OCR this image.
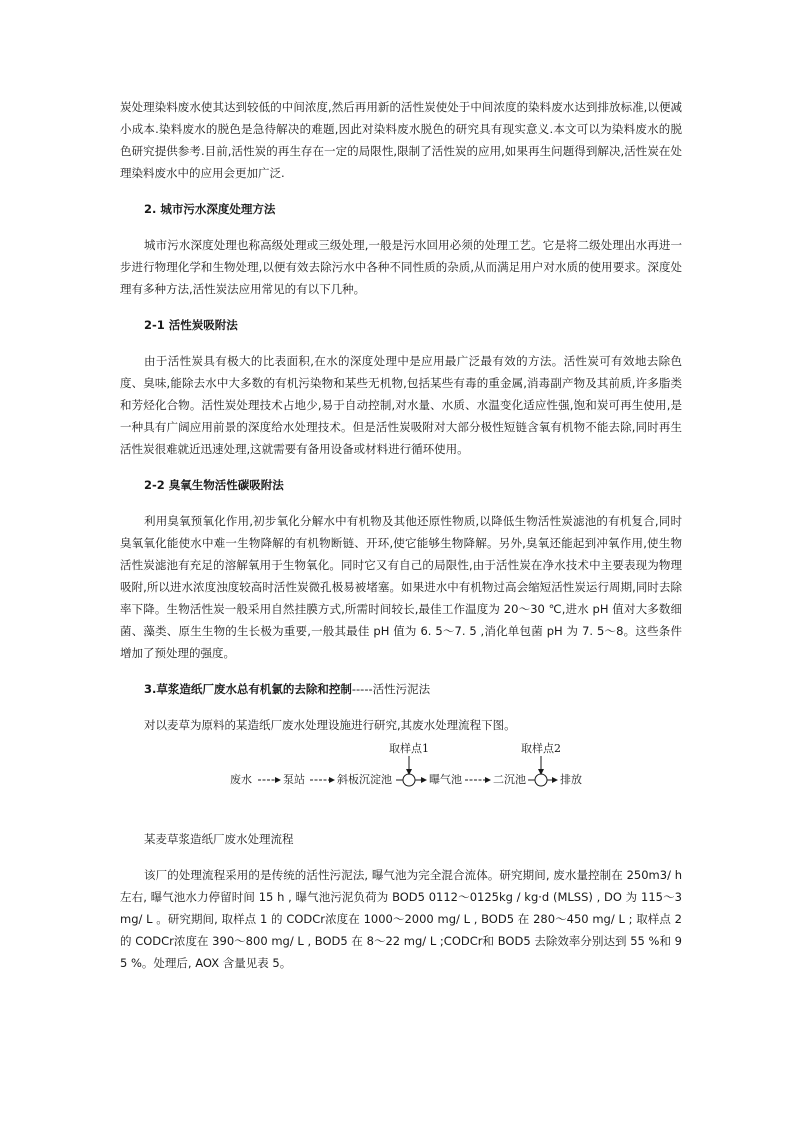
炭处理染料废水使其达到较低的中间浓度,然后再用新的活性炭使处于中间浓度的染料废水达到排放标准,以便减小成本.染料废水的脱色是急待解决的难题,因此对染料废水脱色的研究具有现实意义.本文可以为染料废水的脱色研究提供参考.目前,活性炭的再生存在一定的局限性,限制了活性炭的应用,如果再生问题得到解决,活性炭在处理染料废水中的应用会更加广泛.

2. 城市污水深度处理方法

城市污水深度处理也称高级处理或三级处理,一般是污水回用必须的处理工艺。它是将二级处理出水再进一步进行物理化学和生物处理,以便有效去除污水中各种不同性质的杂质,从而满足用户对水质的使用要求。深度处理有多种方法,活性炭法应用常见的有以下几种。

2-1 活性炭吸附法

由于活性炭具有极大的比表面积,在水的深度处理中是应用最广泛最有效的方法。活性炭可有效地去除色度、臭味,能除去水中大多数的有机污染物和某些无机物,包括某些有毒的重金属,消毒副产物及其前质,许多脂类和芳烃化合物。活性炭处理技术占地少,易于自动控制,对水量、水质、水温变化适应性强,饱和炭可再生使用,是一种具有广阔应用前景的深度给水处理技术。但是活性炭吸附对大部分极性短链含氧有机物不能去除,同时再生活性炭很难就近迅速处理,这就需要有备用设备或材料进行循环使用。

2-2 臭氧生物活性碳吸附法

利用臭氧预氧化作用,初步氧化分解水中有机物及其他还原性物质,以降低生物活性炭滤池的有机复合,同时臭氧氧化能使水中难一生物降解的有机物断链、开环,使它能够生物降解。另外,臭氧还能起到冲氧作用,使生物活性炭滤池有充足的溶解氧用于生物氧化。同时它又有自己的局限性,由于活性炭在净水技术中主要表现为物理吸附,所以进水浓度浊度较高时活性炭微孔极易被堵塞。如果进水中有机物过高会缩短活性炭运行周期,同时去除率下降。生物活性炭一般采用自然挂膜方式,所需时间较长,最佳工作温度为 20～30 ℃,进水 pH 值对大多数细菌、藻类、原生生物的生长极为重要,一般其最佳 pH 值为 6. 5～7. 5 ,消化单包菌 pH 为 7. 5～8。这些条件增加了预处理的强度。

3.草浆造纸厂废水总有机氯的去除和控制-----活性污泥法

对以麦草为原料的某造纸厂废水处理设施进行研究,其废水处理流程下图。

取样点1	取样点2
废水	泵站	斜板沉淀池	曝气池	二沉池	排放

某麦草浆造纸厂废水处理流程

该厂的处理流程采用的是传统的活性污泥法, 曝气池为完全混合流体。研究期间, 废水量控制在 250m3/ h 左右, 曝气池水力停留时间 15 h , 曝气池污泥负荷为 BOD5 0112～0125kg / kg·d (MLSS) , DO 为 115～3 mg/ L 。研究期间, 取样点 1 的 CODCr浓度在 1000～2000 mg/ L , BOD5 在 280～450 mg/ L ; 取样点 2 的 CODCr浓度在 390～800 mg/ L , BOD5 在 8～22 mg/ L ;CODCr和 BOD5 去除效率分别达到 55 %和 95 %。处理后, AOX 含量见表 5。
